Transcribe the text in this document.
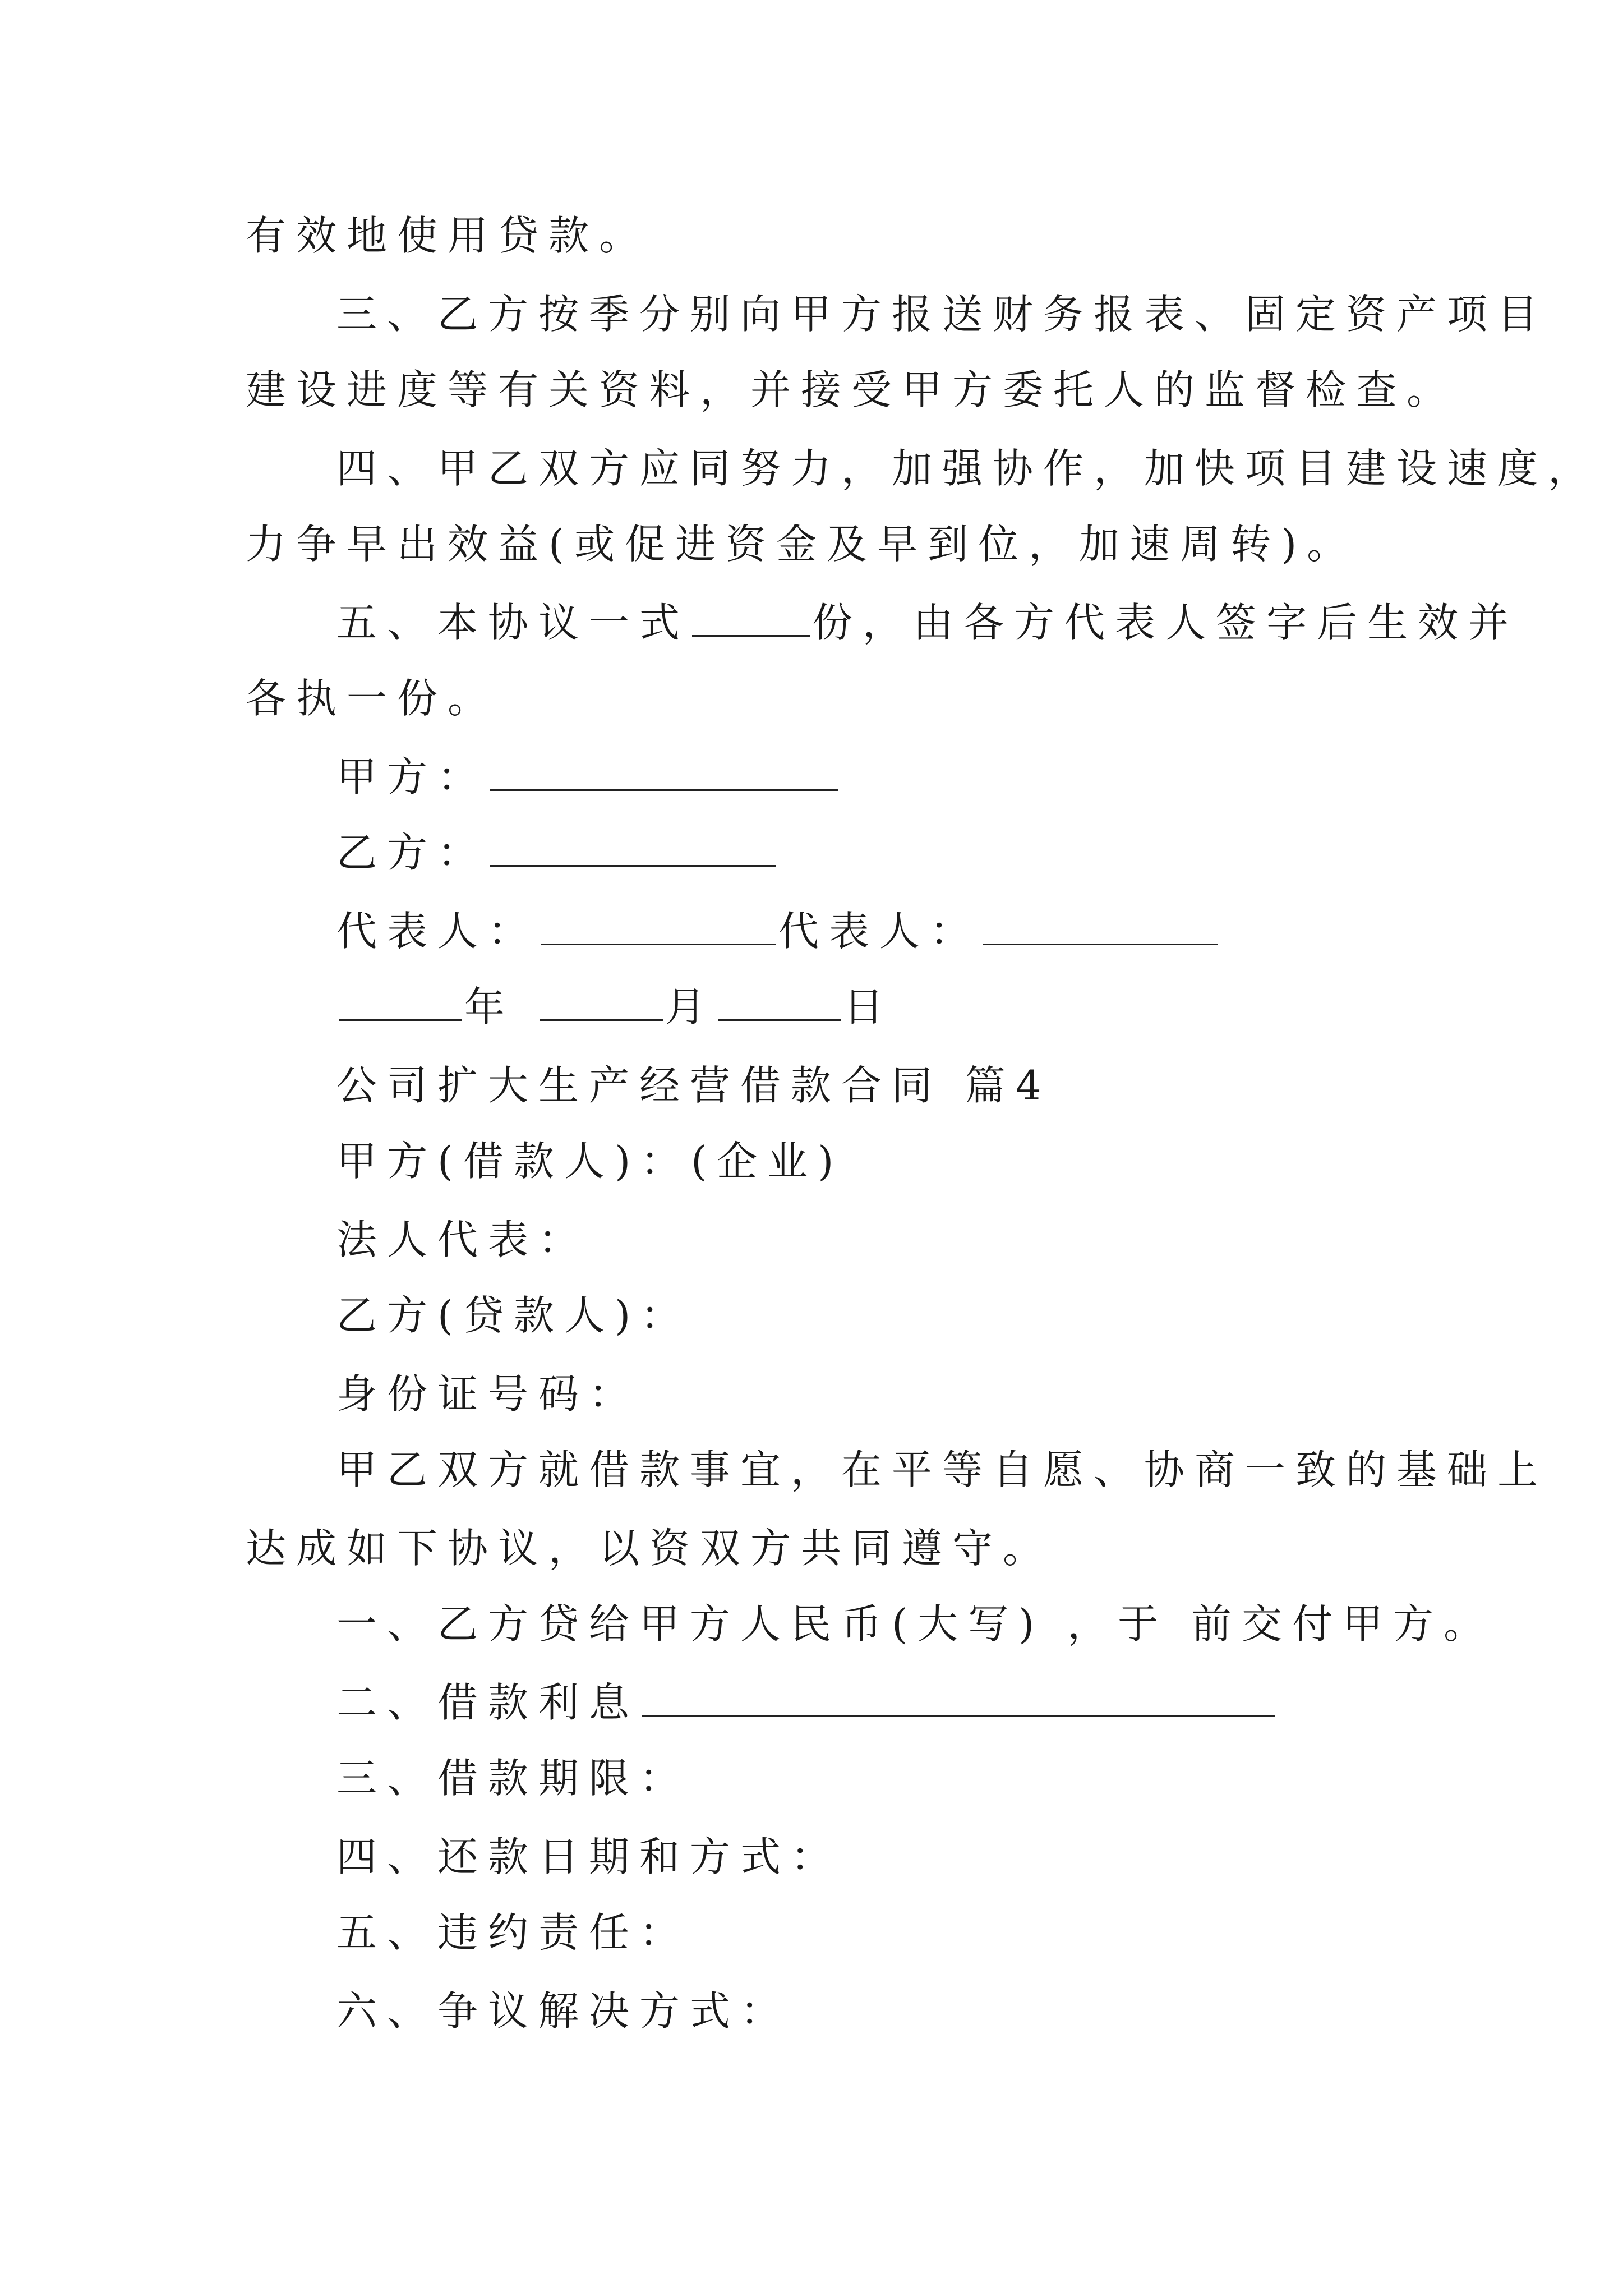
有效地使用贷款。
三、乙方按季分别向甲方报送财务报表、固定资产项目
建设进度等有关资料，并接受甲方委托人的监督检查。
四、甲乙双方应同努力，加强协作，加快项目建设速度，
力争早出效益(或促进资金及早到位，加速周转)。
五、本协议一式	份，由各方代表人签字后生效并
各执一份。
甲方：
乙方：
代表人：	代表人：
年	月	日
公司扩大生产经营借款合同 篇4
甲方(借款人)：(企业)
法人代表：
乙方(贷款人)：
身份证号码：
甲乙双方就借款事宜，在平等自愿、协商一致的基础上
达成如下协议，以资双方共同遵守。
一、乙方贷给甲方人民币(大写) ，于 前交付甲方。
二、借款利息
三、借款期限：
四、还款日期和方式：
五、违约责任：
六、争议解决方式：
